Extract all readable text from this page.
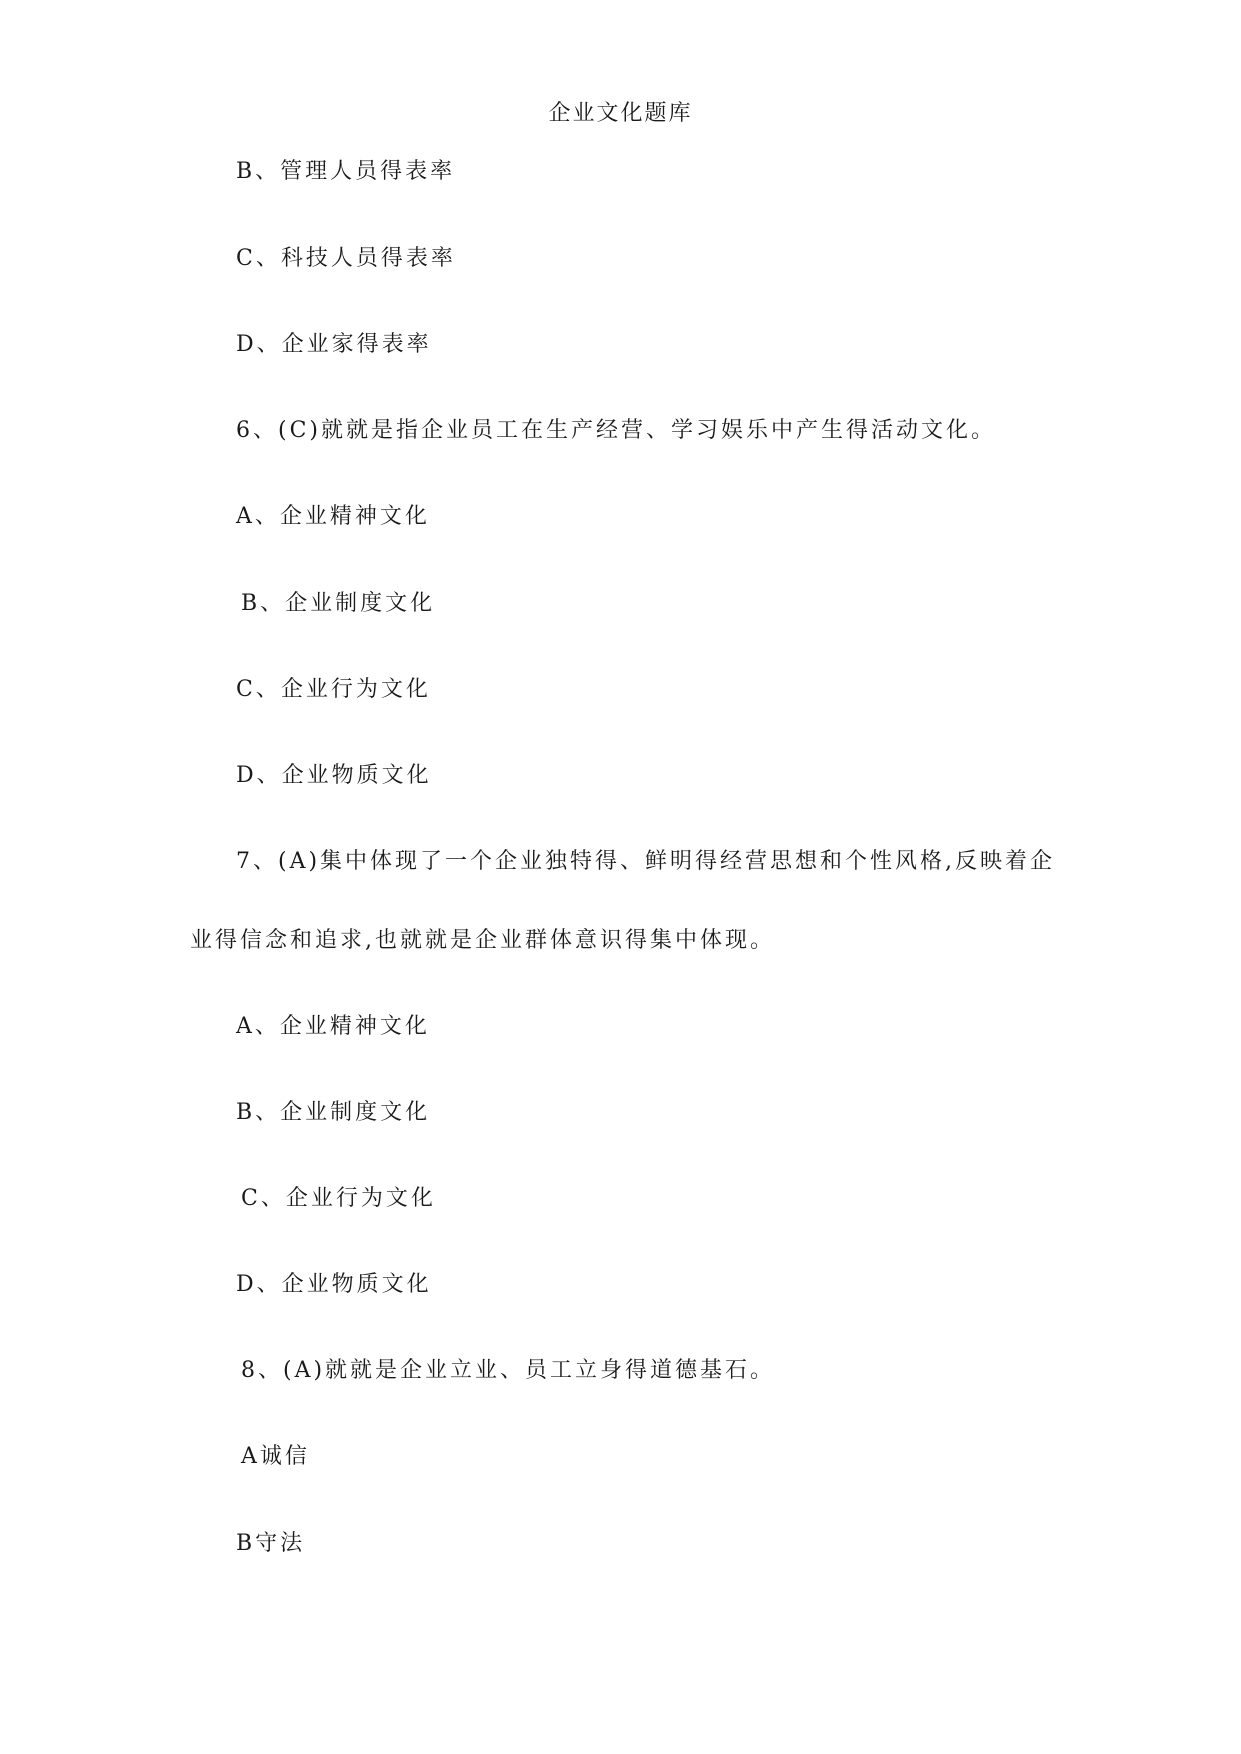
企业文化题库
B、管理人员得表率
C、科技人员得表率
D、企业家得表率
6、(C)就就是指企业员工在生产经营、学习娱乐中产生得活动文化。
A、企业精神文化
B、企业制度文化
C、企业行为文化
D、企业物质文化
7、(A)集中体现了一个企业独特得、鲜明得经营思想和个性风格,反映着企
业得信念和追求,也就就是企业群体意识得集中体现。
A、企业精神文化
B、企业制度文化
C、企业行为文化
D、企业物质文化
8、(A)就就是企业立业、员工立身得道德基石。
A诚信
B守法
